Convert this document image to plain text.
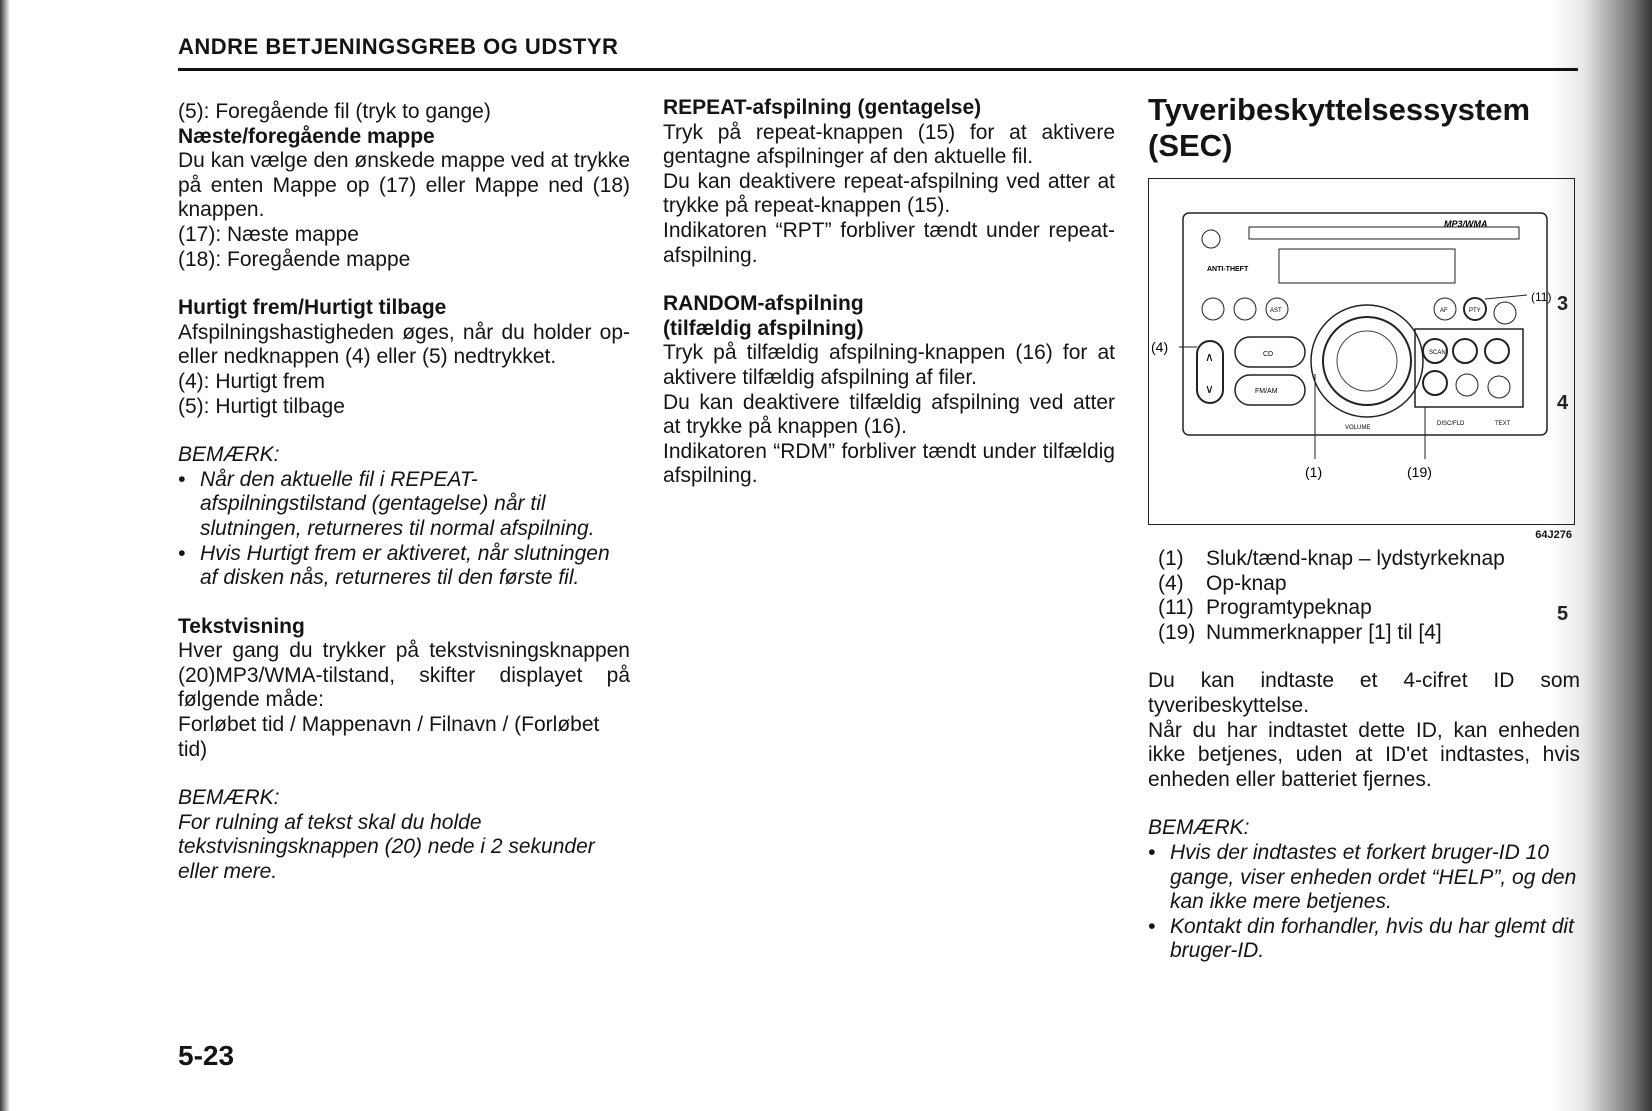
3
4
5
ANDRE BETJENINGSGREB OG UDSTYR

(5): Foregående fil (tryk to gange)

Næste/foregående mappe

Du kan vælge den ønskede mappe ved at trykke på enten Mappe op (17) eller Mappe ned (18) knappen.

(17): Næste mappe

(18): Foregående mappe

Hurtigt frem/Hurtigt tilbage

Afspilningshastigheden øges, når du holder op- eller nedknappen (4) eller (5) nedtrykket.

(4): Hurtigt frem

(5): Hurtigt tilbage

BEMÆRK:

• Når den aktuelle fil i REPEAT-afspilningstilstand (gentagelse) når til slutningen, returneres til normal afspilning.
• Hvis Hurtigt frem er aktiveret, når slutningen af disken nås, returneres til den første fil.
Tekstvisning

Hver gang du trykker på tekstvisningsknappen (20)MP3/WMA-tilstand, skifter displayet på følgende måde:

Forløbet tid / Mappenavn / Filnavn / (Forløbet tid)

BEMÆRK:

For rulning af tekst skal du holde tekstvisningsknappen (20) nede i 2 sekunder eller mere.

REPEAT-afspilning (gentagelse)

Tryk på repeat-knappen (15) for at aktivere gentagne afspilninger af den aktuelle fil.

Du kan deaktivere repeat-afspilning ved atter at trykke på repeat-knappen (15).

Indikatoren “RPT” forbliver tændt under repeat-afspilning.

RANDOM-afspilning
(tilfældig afspilning)

Tryk på tilfældig afspilning-knappen (16) for at aktivere tilfældig afspilning af filer.

Du kan deaktivere tilfældig afspilning ved atter at trykke på knappen (16).

Indikatoren “RDM” forbliver tændt under tilfældig afspilning.

Tyveribeskyttelsessystem
(SEC)
MP3/WMA
ANTI-THEFT
AST	AF	PTY
∧
∨
CD
FM/AM
VOLUME
SCAN
DISC/FLD	TEXT
(4)
(11)
(1)	(19)
64J276

(1) Sluk/tænd-knap – lydstyrkeknap

(4) Op-knap

(11) Programtypeknap

(19) Nummerknapper [1] til [4]

Du kan indtaste et 4-cifret ID som tyveribeskyttelse.

Når du har indtastet dette ID, kan enheden ikke betjenes, uden at ID'et indtastes, hvis enheden eller batteriet fjernes.

BEMÆRK:

• Hvis der indtastes et forkert bruger-ID 10 gange, viser enheden ordet “HELP”, og den kan ikke mere betjenes.
• Kontakt din forhandler, hvis du har glemt dit bruger-ID.
5-23
